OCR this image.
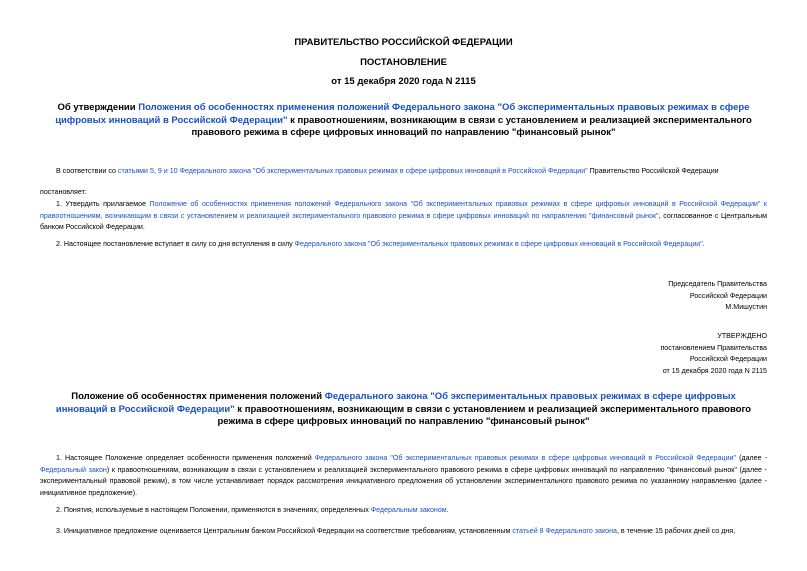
ПРАВИТЕЛЬСТВО РОССИЙСКОЙ ФЕДЕРАЦИИ
ПОСТАНОВЛЕНИЕ
от 15 декабря 2020 года N 2115
Об утверждении Положения об особенностях применения положений Федерального закона "Об экспериментальных правовых режимах в сфере цифровых инноваций в Российской Федерации" к правоотношениям, возникающим в связи с установлением и реализацией экспериментального правового режима в сфере цифровых инноваций по направлению "финансовый рынок"
В соответствии со статьями 5, 9 и 10 Федерального закона "Об экспериментальных правовых режимах в сфере цифровых инноваций в Российской Федерации" Правительство Российской Федерации
постановляет:
1. Утвердить прилагаемое Положение об особенностях применения положений Федерального закона "Об экспериментальных правовых режимах в сфере цифровых инноваций в Российской Федерации" к правоотношениям, возникающим в связи с установлением и реализацией экспериментального правового режима в сфере цифровых инноваций по направлению "финансовый рынок", согласованное с Центральным банком Российской Федерации.
2. Настоящее постановление вступает в силу со дня вступления в силу Федерального закона "Об экспериментальных правовых режимах в сфере цифровых инноваций в Российской Федерации".
Председатель Правительства
Российской Федерации
М.Мишустин
УТВЕРЖДЕНО
постановлением Правительства
Российской Федерации
от 15 декабря 2020 года N 2115
Положение об особенностях применения положений Федерального закона "Об экспериментальных правовых режимах в сфере цифровых инноваций в Российской Федерации" к правоотношениям, возникающим в связи с установлением и реализацией экспериментального правового режима в сфере цифровых инноваций по направлению "финансовый рынок"
1. Настоящее Положение определяет особенности применения положений Федерального закона "Об экспериментальных правовых режимах в сфере цифровых инноваций в Российской Федерации" (далее - Федеральный закон) к правоотношениям, возникающим в связи с установлением и реализацией экспериментального правового режима в сфере цифровых инноваций по направлению "финансовый рынок" (далее - экспериментальный правовой режим), в том числе устанавливает порядок рассмотрения инициативного предложения об установлении экспериментального правового режима по указанному направлению (далее - инициативное предложение).
2. Понятия, используемые в настоящем Положении, применяются в значениях, определенных Федеральным законом.
3. Инициативное предложение оценивается Центральным банком Российской Федерации на соответствие требованиям, установленным статьей 8 Федерального закона, в течение 15 рабочих дней со дня,
